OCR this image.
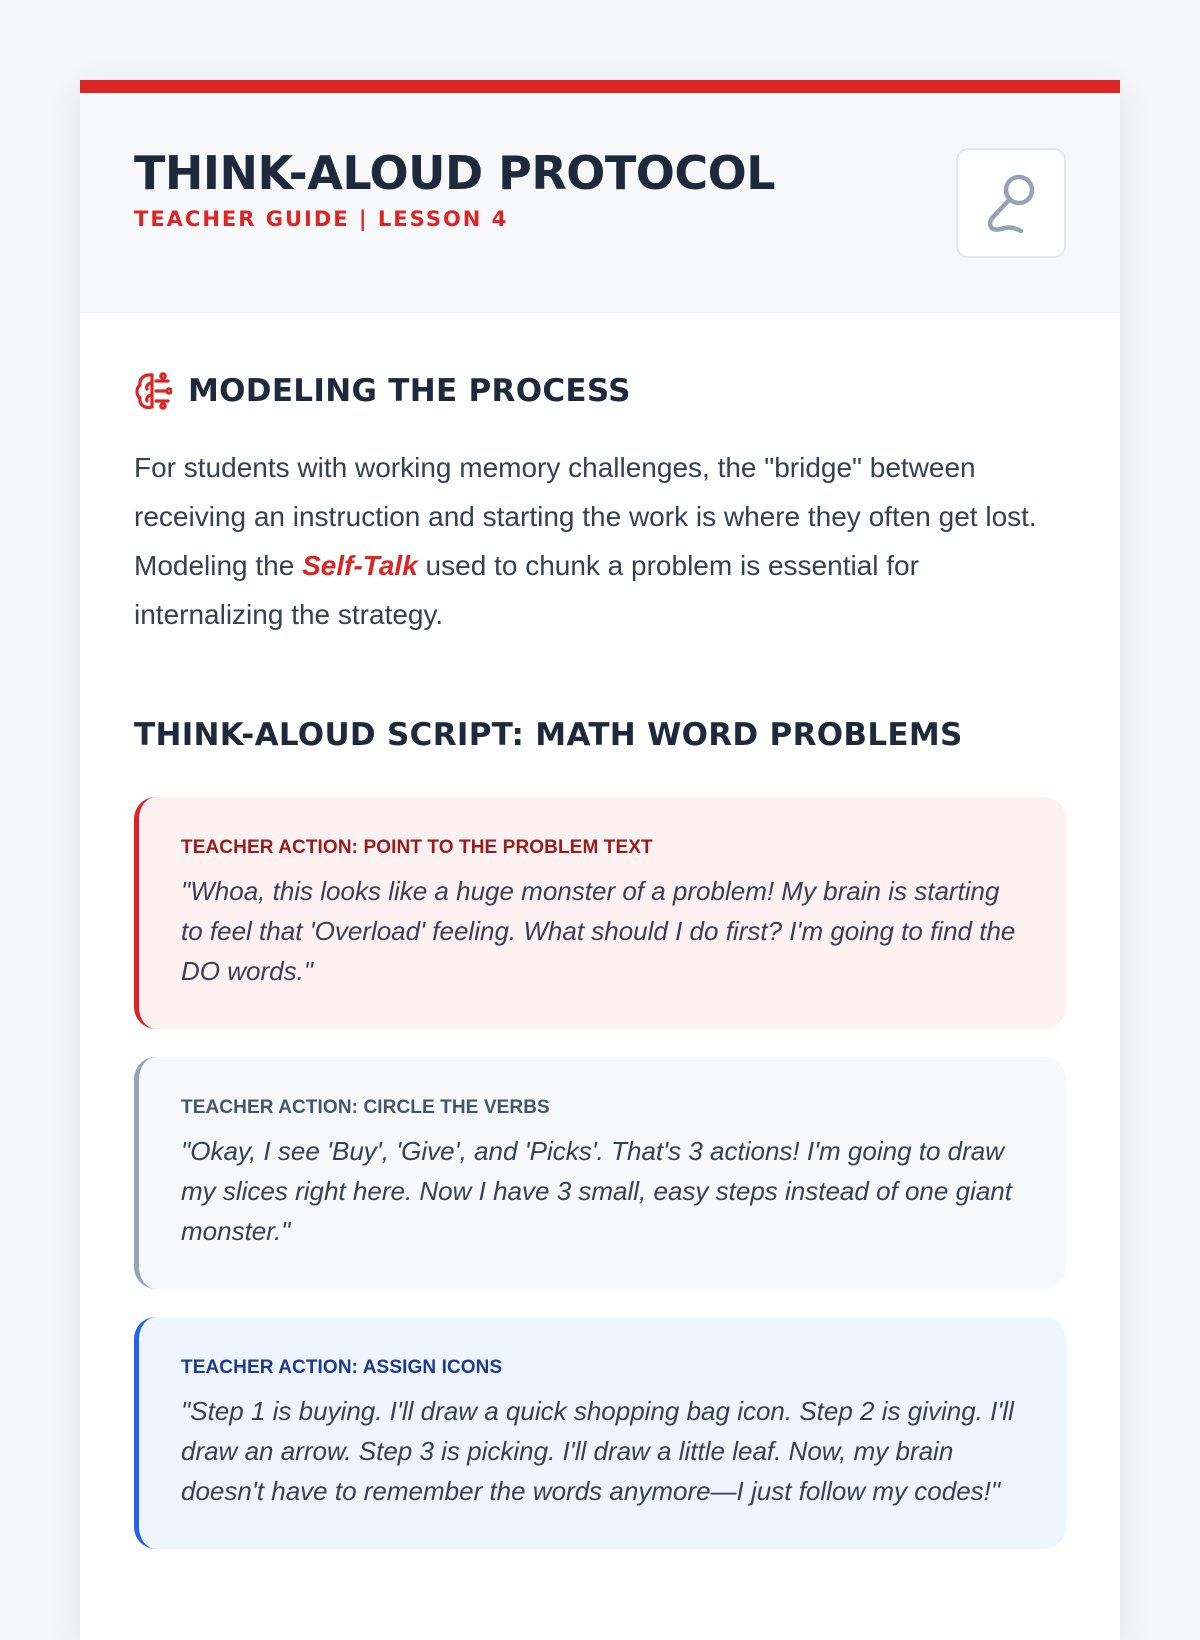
THINK-ALOUD PROTOCOL
TEACHER GUIDE | LESSON 4
MODELING THE PROCESS

For students with working memory challenges, the "bridge" between receiving an instruction and starting the work is where they often get lost. Modeling the Self-Talk used to chunk a problem is essential for internalizing the strategy.

THINK-ALOUD SCRIPT: MATH WORD PROBLEMS
TEACHER ACTION: POINT TO THE PROBLEM TEXT
"Whoa, this looks like a huge monster of a problem! My brain is starting to feel that 'Overload' feeling. What should I do first? I'm going to find the DO words."
TEACHER ACTION: CIRCLE THE VERBS
"Okay, I see 'Buy', 'Give', and 'Picks'. That's 3 actions! I'm going to draw my slices right here. Now I have 3 small, easy steps instead of one giant monster."
TEACHER ACTION: ASSIGN ICONS
"Step 1 is buying. I'll draw a quick shopping bag icon. Step 2 is giving. I'll draw an arrow. Step 3 is picking. I'll draw a little leaf. Now, my brain doesn't have to remember the words anymore—I just follow my codes!"
